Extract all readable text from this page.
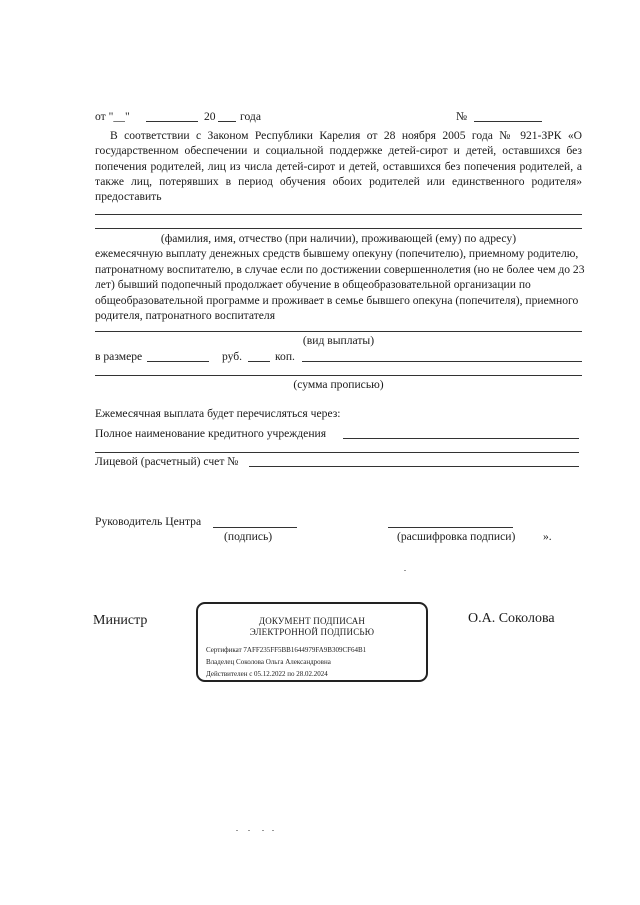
от "__"	20 года	№
В соответствии с Законом Республики Карелия от 28 ноября 2005 года № 921-ЗРК «О государственном обеспечении и социальной поддержке детей-сирот и детей, оставшихся без попечения родителей, лиц из числа детей-сирот и детей, оставшихся без попечения родителей, а также лиц, потерявших в период обучения обоих родителей или единственного родителя» предоставить
(фамилия, имя, отчество (при наличии), проживающей (ему) по адресу)
ежемесячную выплату денежных средств бывшему опекуну (попечителю), приемному родителю, патронатному воспитателю, в случае если по достижении совершеннолетия (но не более чем до 23 лет) бывший подопечный продолжает обучение в общеобразовательной организации по общеобразовательной программе и проживает в семье бывшего опекуна (попечителя), приемного родителя, патронатного воспитателя
(вид выплаты)
в размере	руб.	коп.
(сумма прописью)
Ежемесячная выплата будет перечисляться через:
Полное наименование кредитного учреждения
Лицевой (расчетный) счет №
Руководитель Центра
(подпись)	(расшифровка подписи) ».
Министр	О.А. Соколова
ДОКУМЕНТ ПОДПИСАН
ЭЛЕКТРОННОЙ ПОДПИСЬЮ
Сертификат 7AFF235FF5BB1644979FA9B309CF64B1
Владелец Соколова Ольга Александровна
Действителен с 05.12.2022 по 28.02.2024
